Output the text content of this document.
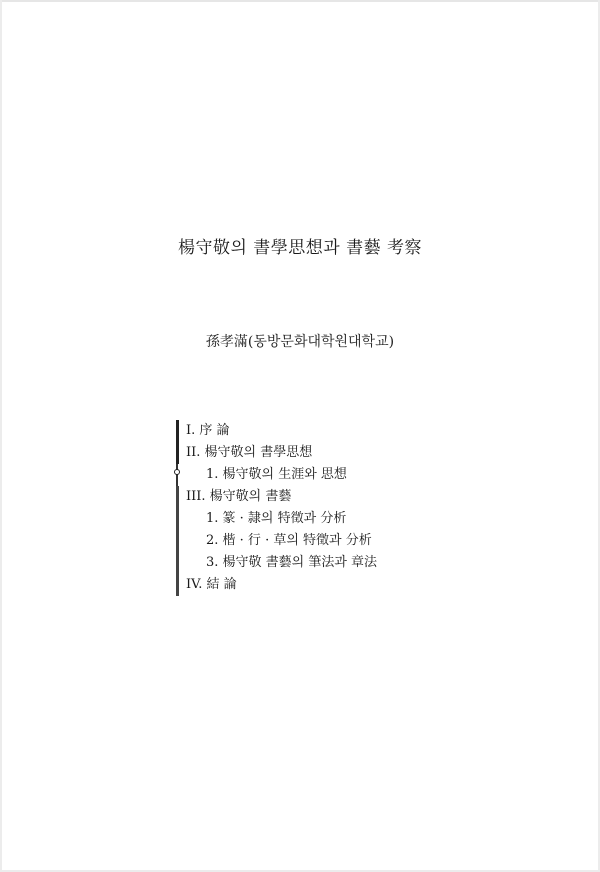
楊守敬의 書學思想과 書藝 考察
孫孝滿(동방문화대학원대학교)
I. 序 論
II. 楊守敬의 書學思想
1. 楊守敬의 生涯와 思想
III. 楊守敬의 書藝
1. 篆 · 隷의 特徵과 分析
2. 楷 · 行 · 草의 特徵과 分析
3. 楊守敬 書藝의 筆法과 章法
IV. 結 論
